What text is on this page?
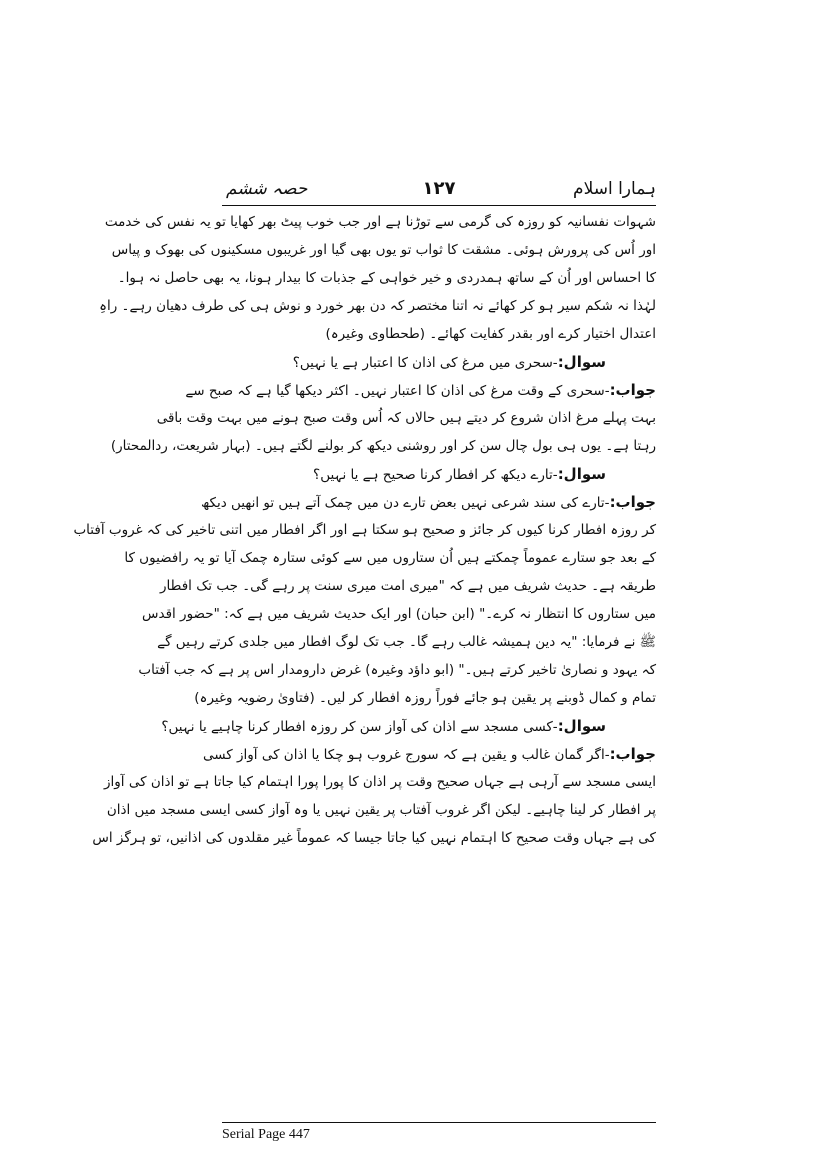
ہمارا اسلام
۱۲۷
حصہ ششم
شہوات نفسانیہ کو روزہ کی گرمی سے توڑنا ہے اور جب خوب پیٹ بھر کھایا تو یہ نفس کی خدمت
اور اُس کی پرورش ہوئی۔ مشقت کا ثواب تو یوں بھی گیا اور غریبوں مسکینوں کی بھوک و پیاس
کا احساس اور اُن کے ساتھ ہمدردی و خیر خواہی کے جذبات کا بیدار ہونا، یہ بھی حاصل نہ ہوا۔
لہٰذا نہ شکم سیر ہو کر کھائے نہ اتنا مختصر کہ دن بھر خورد و نوش ہی کی طرف دھیان رہے۔ راہِ
اعتدال اختیار کرے اور بقدر کفایت کھائے۔ (طحطاوی وغیرہ)
سوال:-سحری میں مرغ کی اذان کا اعتبار ہے یا نہیں؟
جواب:-سحری کے وقت مرغ کی اذان کا اعتبار نہیں۔ اکثر دیکھا گیا ہے کہ صبح سے
بہت پہلے مرغ اذان شروع کر دیتے ہیں حالاں کہ اُس وقت صبح ہونے میں بہت وقت باقی
رہتا ہے۔ یوں ہی بول چال سن کر اور روشنی دیکھ کر بولنے لگتے ہیں۔ (بہار شریعت، ردالمحتار)
سوال:-تارے دیکھ کر افطار کرنا صحیح ہے یا نہیں؟
جواب:-تارے کی سند شرعی نہیں بعض تارے دن میں چمک آتے ہیں تو انھیں دیکھ
کر روزہ افطار کرنا کیوں کر جائز و صحیح ہو سکتا ہے اور اگر افطار میں اتنی تاخیر کی کہ غروب آفتاب
کے بعد جو ستارے عموماً چمکتے ہیں اُن ستاروں میں سے کوئی ستارہ چمک آیا تو یہ رافضیوں کا
طریقہ ہے۔ حدیث شریف میں ہے کہ "میری امت میری سنت پر رہے گی۔ جب تک افطار
میں ستاروں کا انتظار نہ کرے۔" (ابن حبان) اور ایک حدیث شریف میں ہے کہ: "حضور اقدس
ﷺ نے فرمایا: "یہ دین ہمیشہ غالب رہے گا۔ جب تک لوگ افطار میں جلدی کرتے رہیں گے
کہ یہود و نصاریٰ تاخیر کرتے ہیں۔" (ابو داؤد وغیرہ) غرض دارومدار اس پر ہے کہ جب آفتاب
تمام و کمال ڈوبنے پر یقین ہو جائے فوراً روزہ افطار کر لیں۔ (فتاویٰ رضویہ وغیرہ)
سوال:-کسی مسجد سے اذان کی آواز سن کر روزہ افطار کرنا چاہیے یا نہیں؟
جواب:-اگر گمان غالب و یقین ہے کہ سورج غروب ہو چکا یا اذان کی آواز کسی
ایسی مسجد سے آرہی ہے جہاں صحیح وقت پر اذان کا پورا پورا اہتمام کیا جاتا ہے تو اذان کی آواز
پر افطار کر لینا چاہیے۔ لیکن اگر غروب آفتاب پر یقین نہیں یا وہ آواز کسی ایسی مسجد میں اذان
کی ہے جہاں وقت صحیح کا اہتمام نہیں کیا جاتا جیسا کہ عموماً غیر مقلدوں کی اذانیں، تو ہرگز اس
Serial Page 447
